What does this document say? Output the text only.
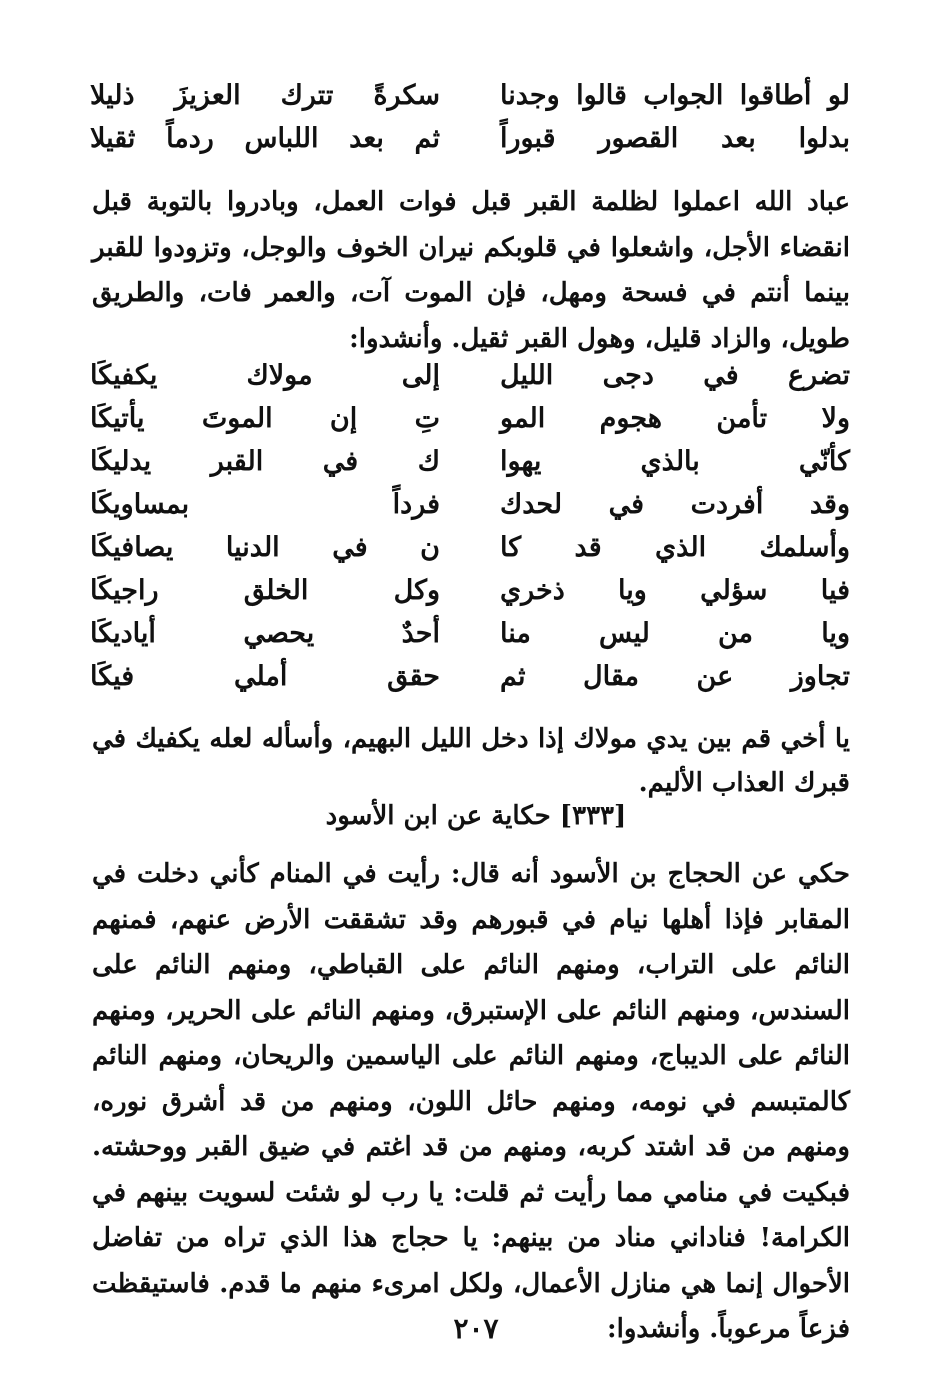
لو أطاقوا الجواب قالوا وجدنا
سكرةً تترك العزيزَ ذليلا
بدلوا بعد القصور قبوراً
ثم بعد اللباس ردماً ثقيلا
عباد الله اعملوا لظلمة القبر قبل فوات العمل، وبادروا بالتوبة قبل انقضاء الأجل، واشعلوا في قلوبكم نيران الخوف والوجل، وتزودوا للقبر بينما أنتم في فسحة ومهل، فإن الموت آت، والعمر فات، والطريق طويل، والزاد قليل، وهول القبر ثقيل. وأنشدوا:
تضرع في دجى الليل
إلى مولاك يكفيكَا
ولا تأمن هجوم المو
تِ إن الموتَ يأتيكَا
كأنّي بالذي يهوا
ك في القبر يدليكَا
وقد أفردت في لحدك
فرداً بمساويكَا
وأسلمك الذي قد كا
ن في الدنيا يصافيكَا
فيا سؤلي ويا ذخري
وكل الخلق راجيكَا
ويا من ليس منا
أحدٌ يحصي أياديكَا
تجاوز عن مقال ثم
حقق أملي فيكَا
يا أخي قم بين يدي مولاك إذا دخل الليل البهيم، وأسأله لعله يكفيك في قبرك العذاب الأليم.
[٣٣٣] حكاية عن ابن الأسود
حكي عن الحجاج بن الأسود أنه قال: رأيت في المنام كأني دخلت في المقابر فإذا أهلها نيام في قبورهم وقد تشققت الأرض عنهم، فمنهم النائم على التراب، ومنهم النائم على القباطي، ومنهم النائم على السندس، ومنهم النائم على الإستبرق، ومنهم النائم على الحرير، ومنهم النائم على الديباج، ومنهم النائم على الياسمين والريحان، ومنهم النائم كالمتبسم في نومه، ومنهم حائل اللون، ومنهم من قد أشرق نوره، ومنهم من قد اشتد كربه، ومنهم من قد اغتم في ضيق القبر ووحشته. فبكيت في منامي مما رأيت ثم قلت: يا رب لو شئت لسويت بينهم في الكرامة! فناداني مناد من بينهم: يا حجاج هذا الذي تراه من تفاضل الأحوال إنما هي منازل الأعمال، ولكل امرىء منهم ما قدم. فاستيقظت فزعاً مرعوباً. وأنشدوا:
٢٠٧
